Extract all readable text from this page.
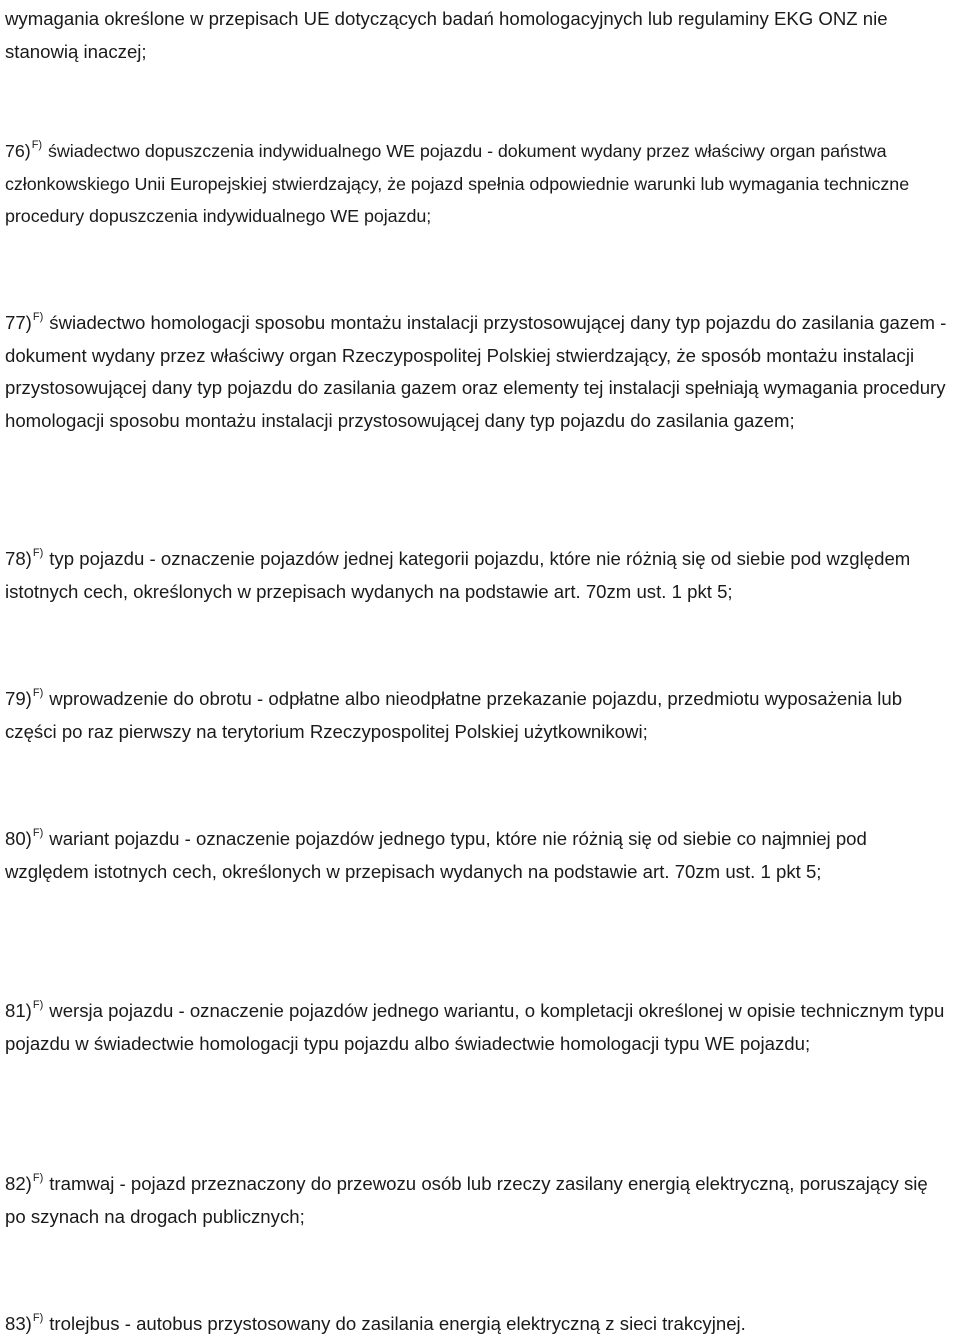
wymagania określone w przepisach UE dotyczących badań homologacyjnych lub regulaminy EKG ONZ nie stanowią inaczej;

76)$^{F)}$ świadectwo dopuszczenia indywidualnego WE pojazdu - dokument wydany przez właściwy organ państwa członkowskiego Unii Europejskiej stwierdzający, że pojazd spełnia odpowiednie warunki lub wymagania techniczne procedury dopuszczenia indywidualnego WE pojazdu;

77)$^{F)}$ świadectwo homologacji sposobu montażu instalacji przystosowującej dany typ pojazdu do zasilania gazem - dokument wydany przez właściwy organ Rzeczypospolitej Polskiej stwierdzający, że sposób montażu instalacji przystosowującej dany typ pojazdu do zasilania gazem oraz elementy tej instalacji spełniają wymagania procedury homologacji sposobu montażu instalacji przystosowującej dany typ pojazdu do zasilania gazem;

78)$^{F)}$ typ pojazdu - oznaczenie pojazdów jednej kategorii pojazdu, które nie różnią się od siebie pod względem istotnych cech, określonych w przepisach wydanych na podstawie art. 70zm ust. 1 pkt 5;

79)$^{F)}$ wprowadzenie do obrotu - odpłatne albo nieodpłatne przekazanie pojazdu, przedmiotu wyposażenia lub części po raz pierwszy na terytorium Rzeczypospolitej Polskiej użytkownikowi;

80)$^{F)}$ wariant pojazdu - oznaczenie pojazdów jednego typu, które nie różnią się od siebie co najmniej pod względem istotnych cech, określonych w przepisach wydanych na podstawie art. 70zm ust. 1 pkt 5;

81)$^{F)}$ wersja pojazdu - oznaczenie pojazdów jednego wariantu, o kompletacji określonej w opisie technicznym typu pojazdu w świadectwie homologacji typu pojazdu albo świadectwie homologacji typu WE pojazdu;

82)$^{F)}$ tramwaj - pojazd przeznaczony do przewozu osób lub rzeczy zasilany energią elektryczną, poruszający się po szynach na drogach publicznych;

83)$^{F)}$ trolejbus - autobus przystosowany do zasilania energią elektryczną z sieci trakcyjnej.
